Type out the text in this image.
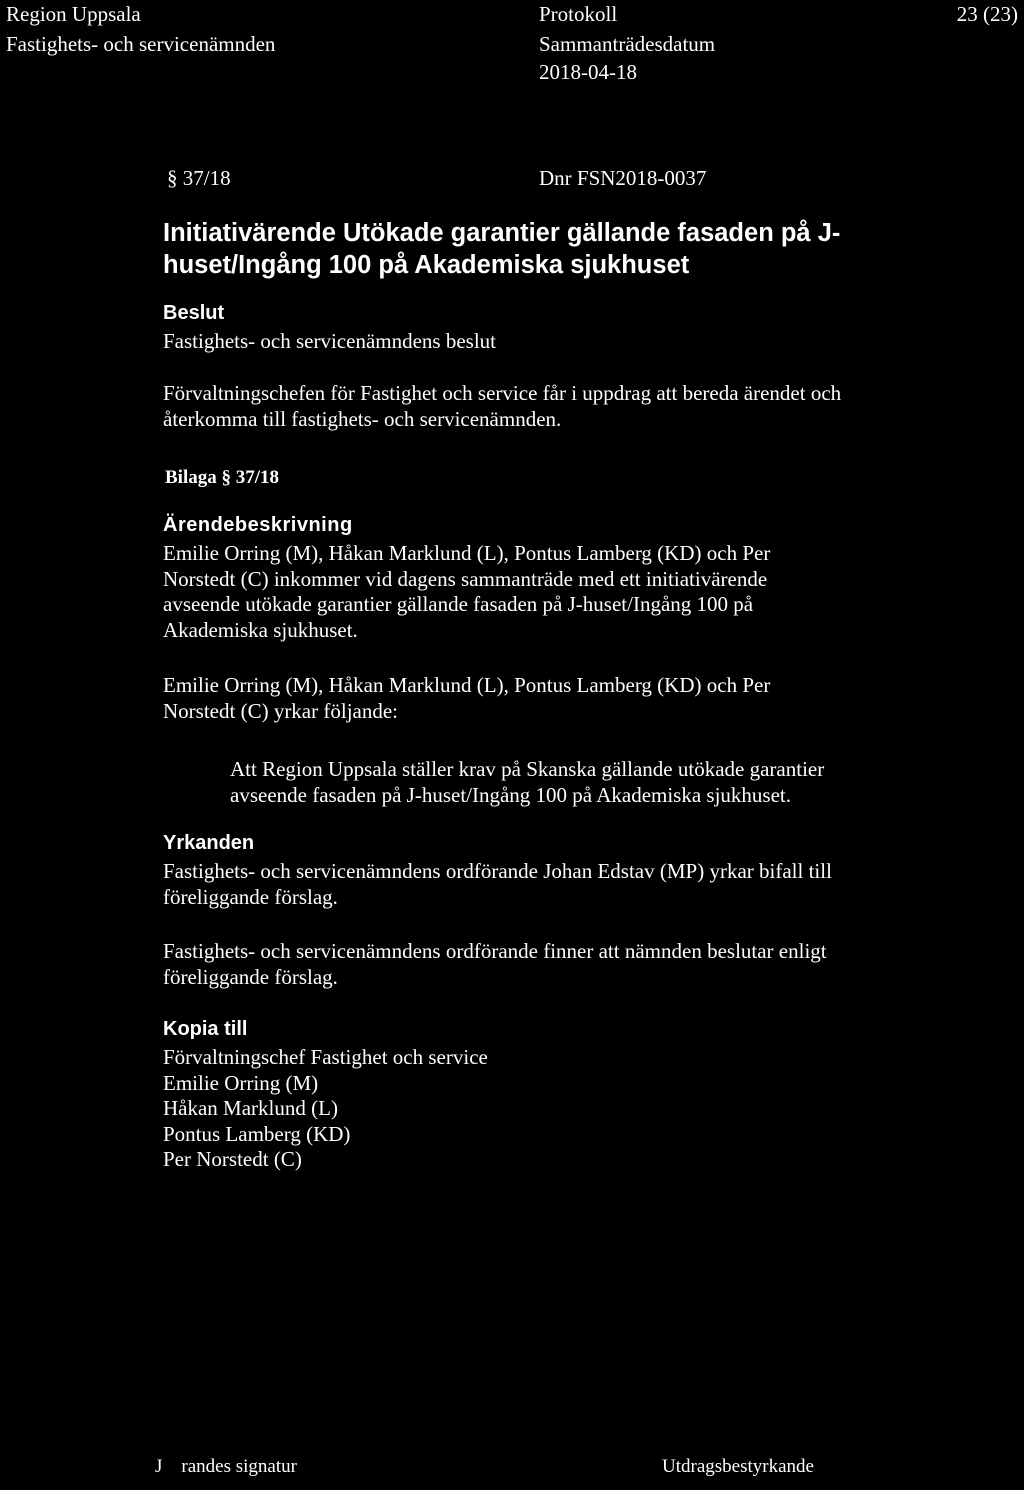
Region Uppsala
Fastighets- och servicenämnden
Protokoll
Sammanträdesdatum
2018-04-18
23 (23)
§ 37/18	Dnr FSN2018-0037
Initiativärende Utökade garantier gällande fasaden på J-huset/Ingång 100 på Akademiska sjukhuset
Beslut
Fastighets- och servicenämndens beslut
Förvaltningschefen för Fastighet och service får i uppdrag att bereda ärendet och
återkomma till fastighets- och servicenämnden.
Bilaga § 37/18
Ärendebeskrivning
Emilie Orring (M), Håkan Marklund (L), Pontus Lamberg (KD) och Per
Norstedt (C) inkommer vid dagens sammanträde med ett initiativärende
avseende utökade garantier gällande fasaden på J-huset/Ingång 100 på
Akademiska sjukhuset.
Emilie Orring (M), Håkan Marklund (L), Pontus Lamberg (KD) och Per
Norstedt (C) yrkar följande:
Att Region Uppsala ställer krav på Skanska gällande utökade garantier
avseende fasaden på J-huset/Ingång 100 på Akademiska sjukhuset.
Yrkanden
Fastighets- och servicenämndens ordförande Johan Edstav (MP) yrkar bifall till
föreliggande förslag.
Fastighets- och servicenämndens ordförande finner att nämnden beslutar enligt
föreliggande förslag.
Kopia till
Förvaltningschef Fastighet och service
Emilie Orring (M)
Håkan Marklund (L)
Pontus Lamberg (KD)
Per Norstedt (C)
J    randes signatur	Utdragsbestyrkande
